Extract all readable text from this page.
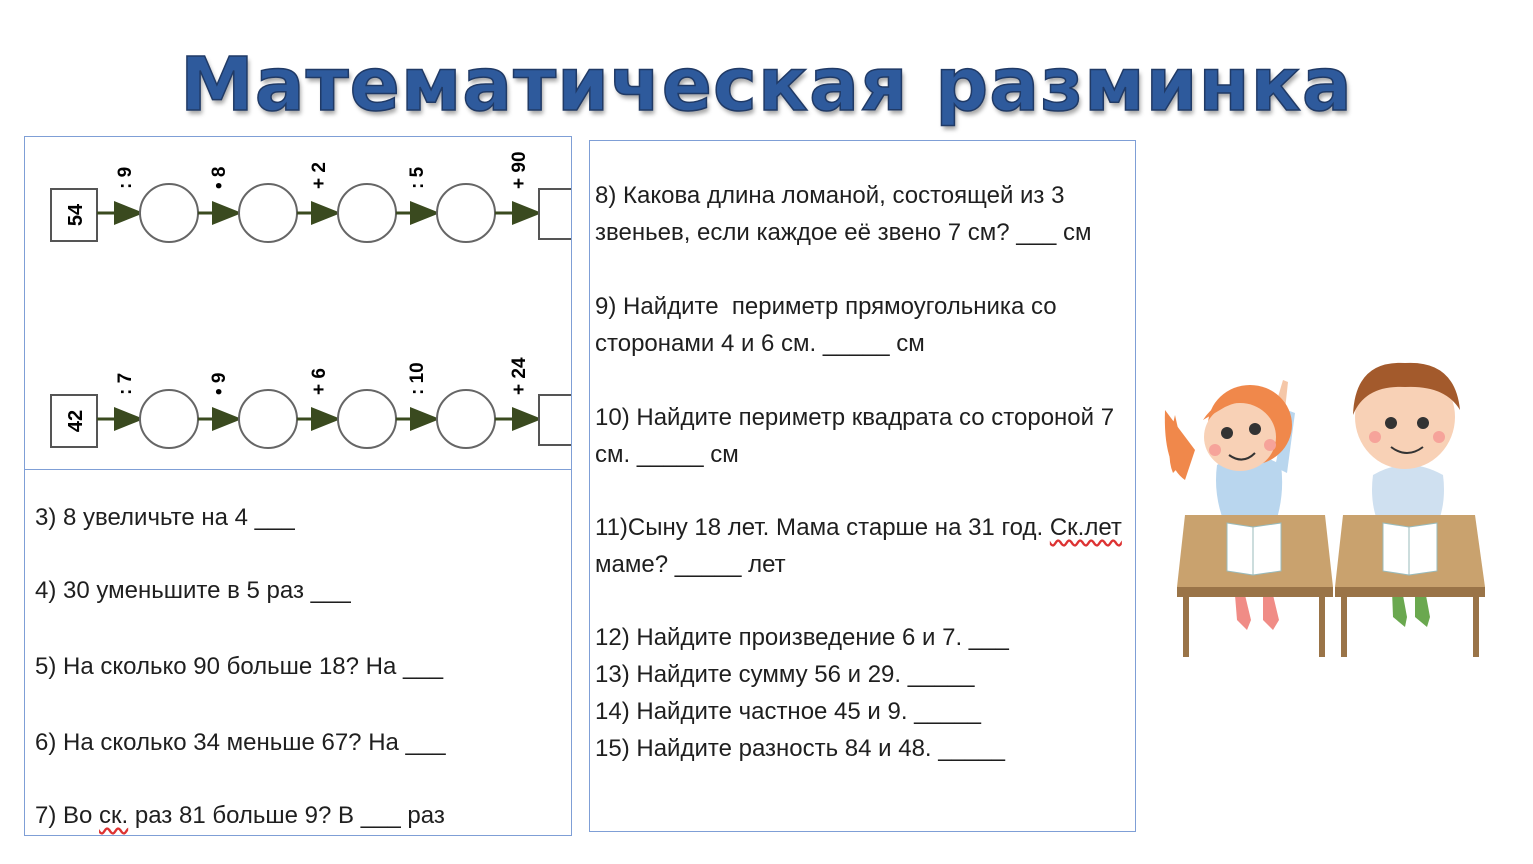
Математическая разминка
54
: 9	• 8	+ 2	: 5	+ 90
42
: 7	• 9	+ 6	: 10	+ 24
3) 8 увеличьте на 4 ___
4) 30 уменьшите в 5 раз ___
5) На сколько 90 больше 18? На ___
6) На сколько 34 меньше 67? На ___
7) Во ск. раз 81 больше 9? В ___ раз
8) Какова длина ломаной, состоящей из 3 звеньев, если каждое её звено 7 см? ___ см
9) Найдите  периметр прямоугольника со сторонами 4 и 6 см. _____ см
10) Найдите периметр квадрата со стороной 7 см. _____ см
11)Сыну 18 лет. Мама старше на 31 год. Ск.лет маме? _____ лет
12) Найдите произведение 6 и 7. ___
13) Найдите сумму 56 и 29. _____
14) Найдите частное 45 и 9. _____
15) Найдите разность 84 и 48. _____
